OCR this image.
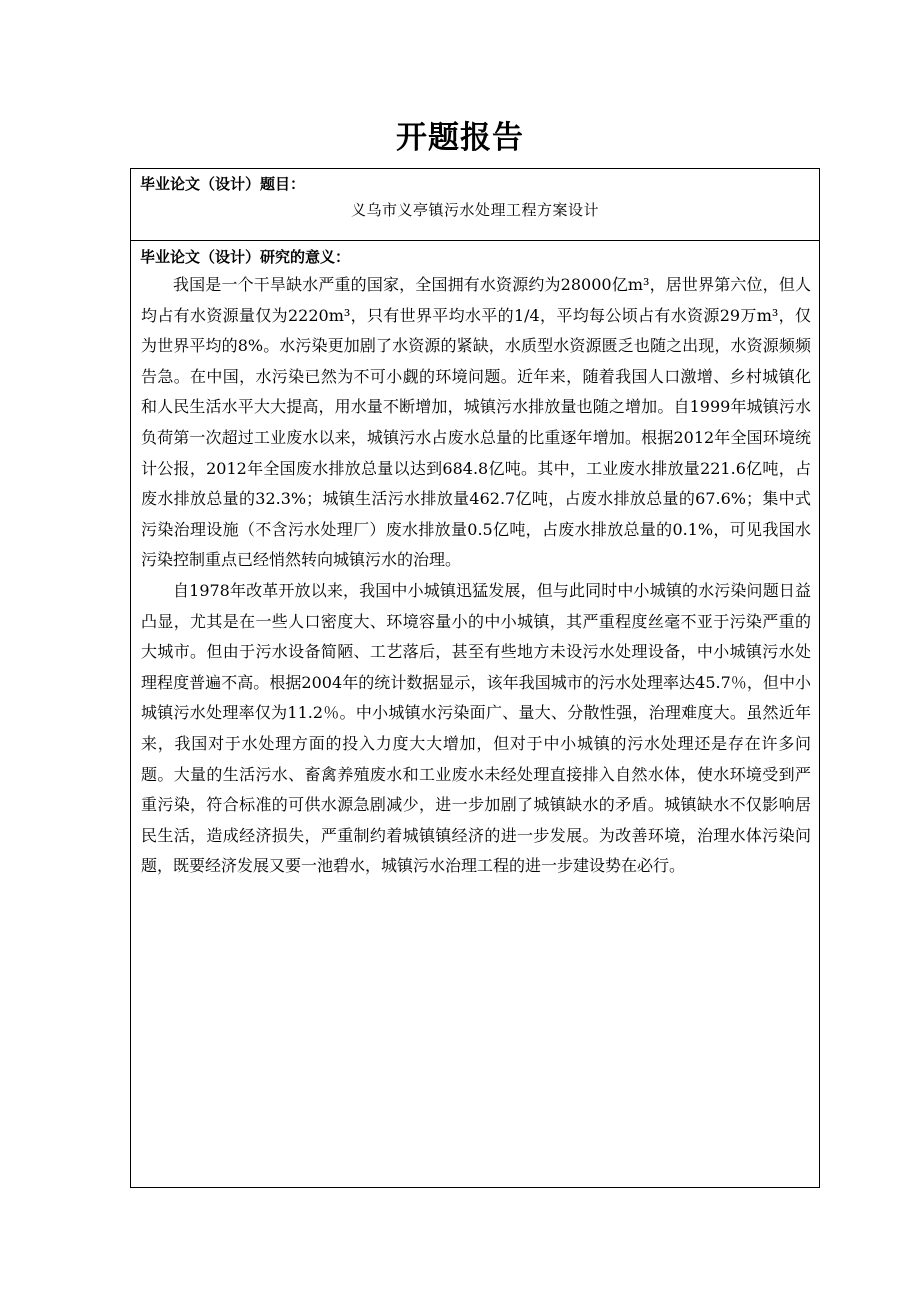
开题报告
毕业论文（设计）题目：
义乌市义亭镇污水处理工程方案设计
毕业论文（设计）研究的意义：

我国是一个干旱缺水严重的国家，全国拥有水资源约为28000亿m³，居世界第六位，但人均占有水资源量仅为2220m³，只有世界平均水平的1/4，平均每公顷占有水资源29万m³，仅为世界平均的8%。水污染更加剧了水资源的紧缺，水质型水资源匮乏也随之出现，水资源频频告急。在中国，水污染已然为不可小觑的环境问题。近年来，随着我国人口激增、乡村城镇化和人民生活水平大大提高，用水量不断增加，城镇污水排放量也随之增加。自1999年城镇污水负荷第一次超过工业废水以来，城镇污水占废水总量的比重逐年增加。根据2012年全国环境统计公报，2012年全国废水排放总量以达到684.8亿吨。其中，工业废水排放量221.6亿吨，占废水排放总量的32.3%；城镇生活污水排放量462.7亿吨，占废水排放总量的67.6%；集中式污染治理设施（不含污水处理厂）废水排放量0.5亿吨，占废水排放总量的0.1%，可见我国水污染控制重点已经悄然转向城镇污水的治理。

自1978年改革开放以来，我国中小城镇迅猛发展，但与此同时中小城镇的水污染问题日益凸显，尤其是在一些人口密度大、环境容量小的中小城镇，其严重程度丝毫不亚于污染严重的大城市。但由于污水设备简陋、工艺落后，甚至有些地方未设污水处理设备，中小城镇污水处理程度普遍不高。根据2004年的统计数据显示，该年我国城市的污水处理率达45.7％，但中小城镇污水处理率仅为11.2％。中小城镇水污染面广、量大、分散性强，治理难度大。虽然近年来，我国对于水处理方面的投入力度大大增加，但对于中小城镇的污水处理还是存在许多问题。大量的生活污水、畜禽养殖废水和工业废水未经处理直接排入自然水体，使水环境受到严重污染，符合标准的可供水源急剧减少，进一步加剧了城镇缺水的矛盾。城镇缺水不仅影响居民生活，造成经济损失，严重制约着城镇镇经济的进一步发展。为改善环境，治理水体污染问题，既要经济发展又要一池碧水，城镇污水治理工程的进一步建设势在必行。
